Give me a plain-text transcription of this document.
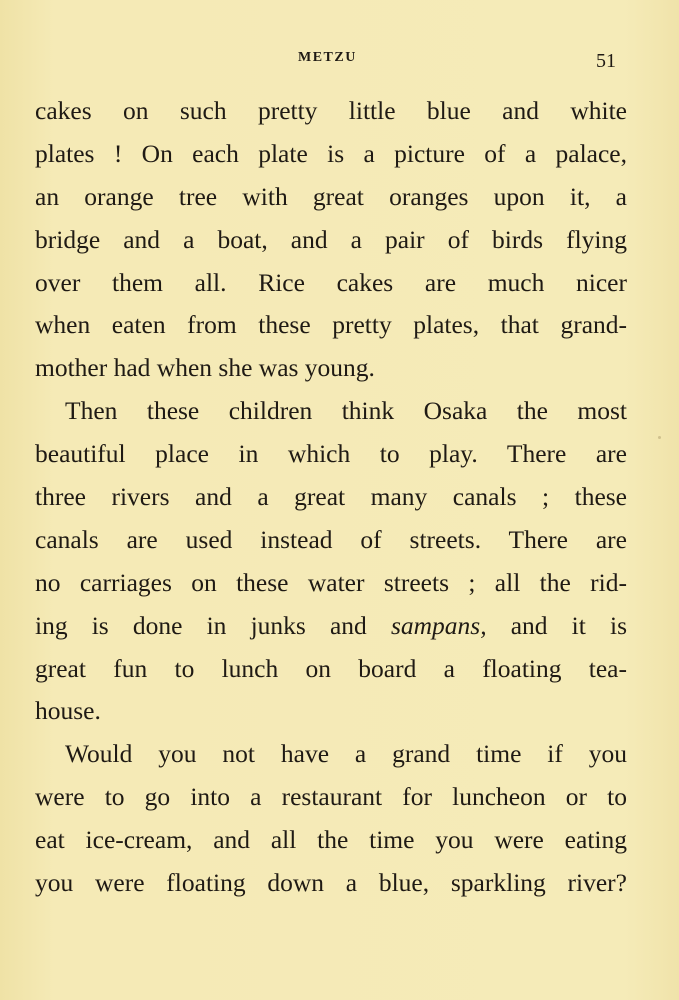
METZU	51
cakes on such pretty little blue and white
plates ! On each plate is a picture of a palace,
an orange tree with great oranges upon it, a
bridge and a boat, and a pair of birds flying
over them all. Rice cakes are much nicer
when eaten from these pretty plates, that grand-
mother had when she was young.
Then these children think Osaka the most
beautiful place in which to play. There are
three rivers and a great many canals ; these
canals are used instead of streets. There are
no carriages on these water streets ; all the rid-
ing is done in junks and sampans, and it is
great fun to lunch on board a floating tea-
house.
Would you not have a grand time if you
were to go into a restaurant for luncheon or to
eat ice-cream, and all the time you were eating
you were floating down a blue, sparkling river?
